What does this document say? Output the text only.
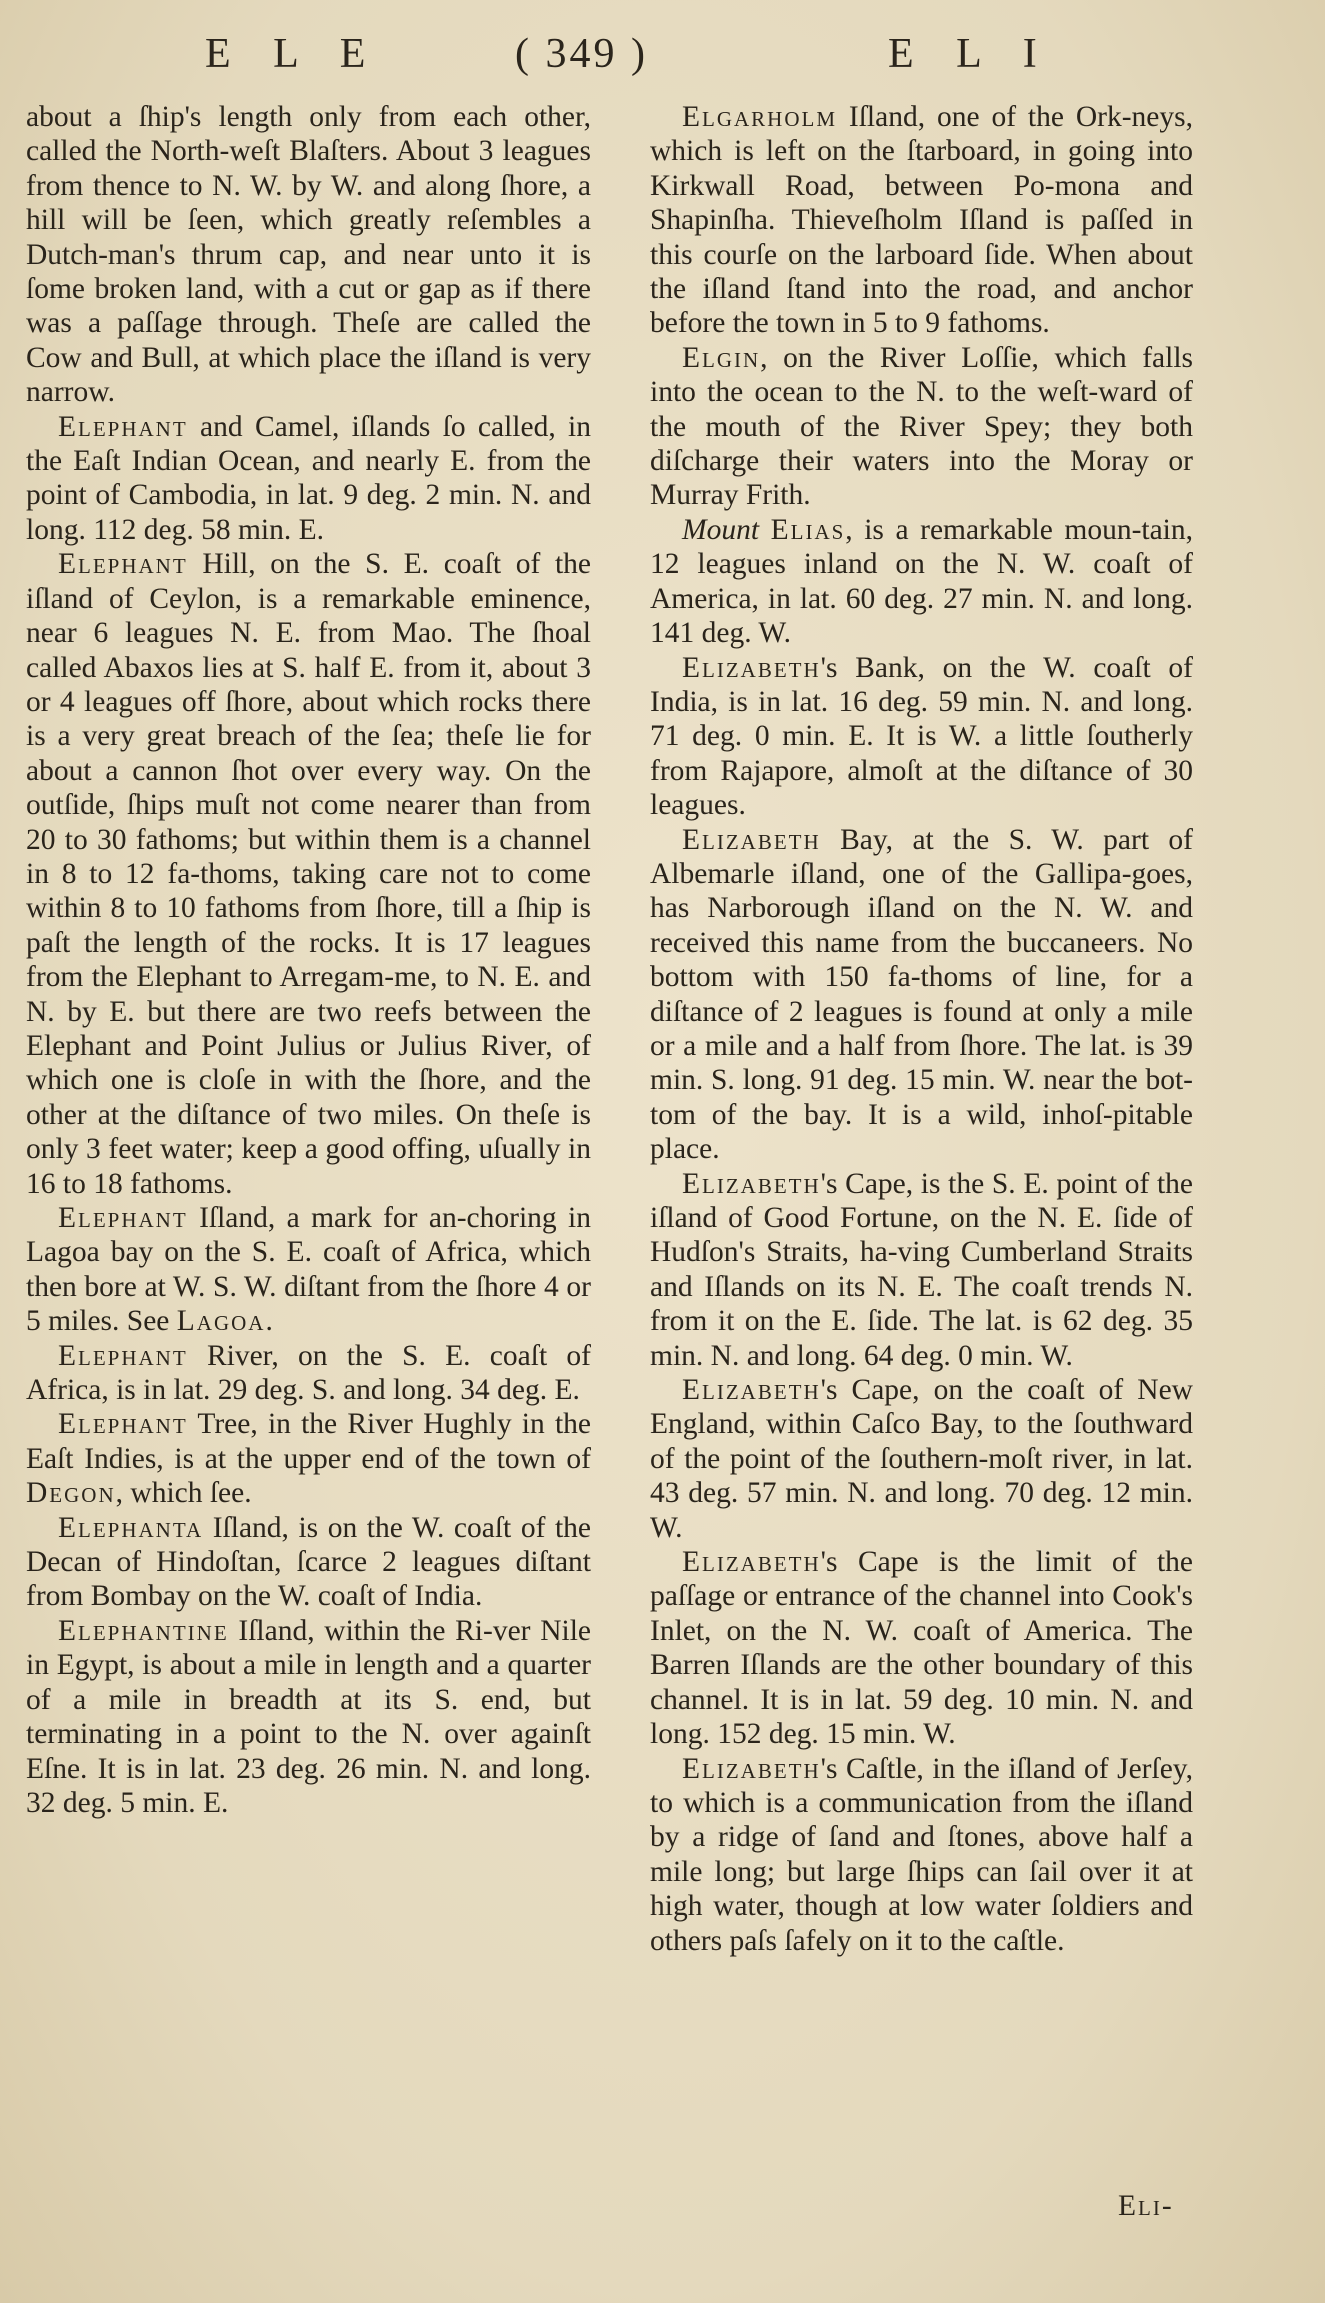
E L E	( 349 )	E L I

about a ſhip's length only from each other, called the North-weſt Blaſters. About 3 leagues from thence to N. W. by W. and along ſhore, a hill will be ſeen, which greatly reſembles a Dutch-man's thrum cap, and near unto it is ſome broken land, with a cut or gap as if there was a paſſage through. Theſe are called the Cow and Bull, at which place the iſland is very narrow.

Elephant and Camel, iſlands ſo called, in the Eaſt Indian Ocean, and nearly E. from the point of Cambodia, in lat. 9 deg. 2 min. N. and long. 112 deg. 58 min. E.

Elephant Hill, on the S. E. coaſt of the iſland of Ceylon, is a remarkable eminence, near 6 leagues N. E. from Mao. The ſhoal called Abaxos lies at S. half E. from it, about 3 or 4 leagues off ſhore, about which rocks there is a very great breach of the ſea; theſe lie for about a cannon ſhot over every way. On the outſide, ſhips muſt not come nearer than from 20 to 30 fathoms; but within them is a channel in 8 to 12 fa-thoms, taking care not to come within 8 to 10 fathoms from ſhore, till a ſhip is paſt the length of the rocks. It is 17 leagues from the Elephant to Arregam-me, to N. E. and N. by E. but there are two reefs between the Elephant and Point Julius or Julius River, of which one is cloſe in with the ſhore, and the other at the diſtance of two miles. On theſe is only 3 feet water; keep a good offing, uſually in 16 to 18 fathoms.

Elephant Iſland, a mark for an-choring in Lagoa bay on the S. E. coaſt of Africa, which then bore at W. S. W. diſtant from the ſhore 4 or 5 miles. See Lagoa.

Elephant River, on the S. E. coaſt of Africa, is in lat. 29 deg. S. and long. 34 deg. E.

Elephant Tree, in the River Hughly in the Eaſt Indies, is at the upper end of the town of Degon, which ſee.

Elephanta Iſland, is on the W. coaſt of the Decan of Hindoſtan, ſcarce 2 leagues diſtant from Bombay on the W. coaſt of India.

Elephantine Iſland, within the Ri-ver Nile in Egypt, is about a mile in length and a quarter of a mile in breadth at its S. end, but terminating in a point to the N. over againſt Eſne. It is in lat. 23 deg. 26 min. N. and long. 32 deg. 5 min. E.

Elgarholm Iſland, one of the Ork-neys, which is left on the ſtarboard, in going into Kirkwall Road, between Po-mona and Shapinſha. Thieveſholm Iſland is paſſed in this courſe on the larboard ſide. When about the iſland ſtand into the road, and anchor before the town in 5 to 9 fathoms.

Elgin, on the River Loſſie, which falls into the ocean to the N. to the weſt-ward of the mouth of the River Spey; they both diſcharge their waters into the Moray or Murray Frith.

Mount Elias, is a remarkable moun-tain, 12 leagues inland on the N. W. coaſt of America, in lat. 60 deg. 27 min. N. and long. 141 deg. W.

Elizabeth's Bank, on the W. coaſt of India, is in lat. 16 deg. 59 min. N. and long. 71 deg. 0 min. E. It is W. a little ſoutherly from Rajapore, almoſt at the diſtance of 30 leagues.

Elizabeth Bay, at the S. W. part of Albemarle iſland, one of the Gallipa-goes, has Narborough iſland on the N. W. and received this name from the buccaneers. No bottom with 150 fa-thoms of line, for a diſtance of 2 leagues is found at only a mile or a mile and a half from ſhore. The lat. is 39 min. S. long. 91 deg. 15 min. W. near the bot-tom of the bay. It is a wild, inhoſ-pitable place.

Elizabeth's Cape, is the S. E. point of the iſland of Good Fortune, on the N. E. ſide of Hudſon's Straits, ha-ving Cumberland Straits and Iſlands on its N. E. The coaſt trends N. from it on the E. ſide. The lat. is 62 deg. 35 min. N. and long. 64 deg. 0 min. W.

Elizabeth's Cape, on the coaſt of New England, within Caſco Bay, to the ſouthward of the point of the ſouthern-moſt river, in lat. 43 deg. 57 min. N. and long. 70 deg. 12 min. W.

Elizabeth's Cape is the limit of the paſſage or entrance of the channel into Cook's Inlet, on the N. W. coaſt of America. The Barren Iſlands are the other boundary of this channel. It is in lat. 59 deg. 10 min. N. and long. 152 deg. 15 min. W.

Elizabeth's Caſtle, in the iſland of Jerſey, to which is a communication from the iſland by a ridge of ſand and ſtones, above half a mile long; but large ſhips can ſail over it at high water, though at low water ſoldiers and others paſs ſafely on it to the caſtle.

Eli-
